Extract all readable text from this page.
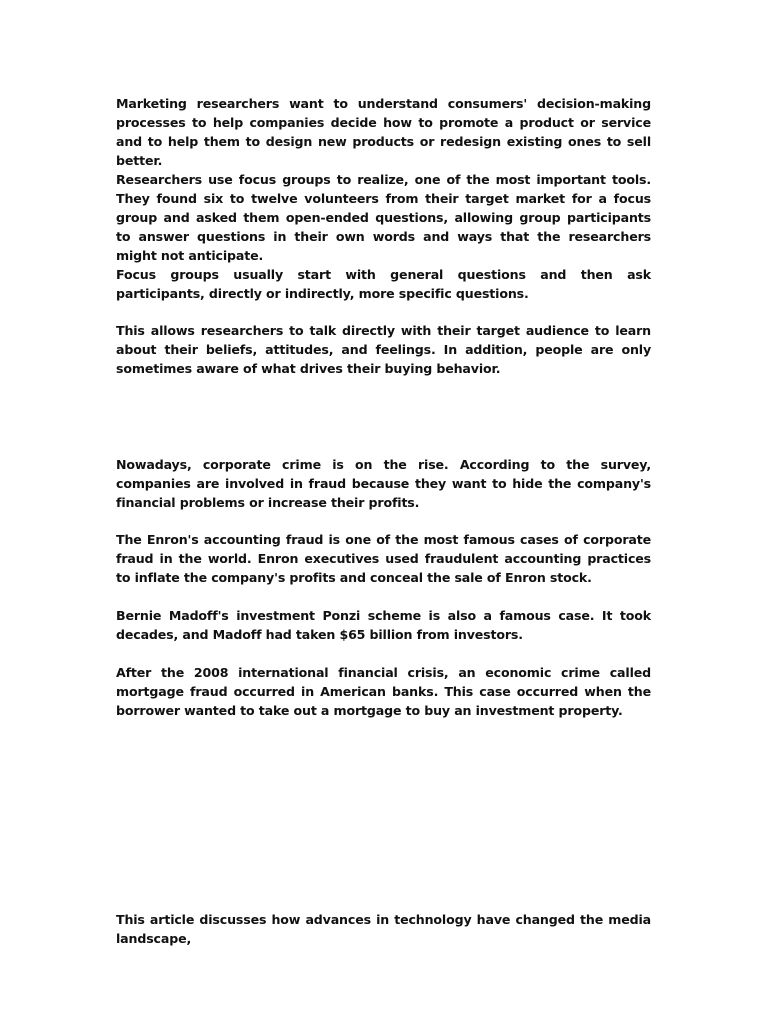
Marketing researchers want to understand consumers' decision-making processes to help companies decide how to promote a product or service and to help them to design new products or redesign existing ones to sell better.

Researchers use focus groups to realize, one of the most important tools. They found six to twelve volunteers from their target market for a focus group and asked them open-ended questions, allowing group participants to answer questions in their own words and ways that the researchers might not anticipate.

Focus groups usually start with general questions and then ask participants, directly or indirectly, more specific questions.

This allows researchers to talk directly with their target audience to learn about their beliefs, attitudes, and feelings. In addition, people are only sometimes aware of what drives their buying behavior.

Nowadays, corporate crime is on the rise. According to the survey, companies are involved in fraud because they want to hide the company's financial problems or increase their profits.

The Enron's accounting fraud is one of the most famous cases of corporate fraud in the world. Enron executives used fraudulent accounting practices to inflate the company's profits and conceal the sale of Enron stock.

Bernie Madoff's investment Ponzi scheme is also a famous case. It took decades, and Madoff had taken $65 billion from investors.

After the 2008 international financial crisis, an economic crime called mortgage fraud occurred in American banks. This case occurred when the borrower wanted to take out a mortgage to buy an investment property.

This article discusses how advances in technology have changed the media landscape,
